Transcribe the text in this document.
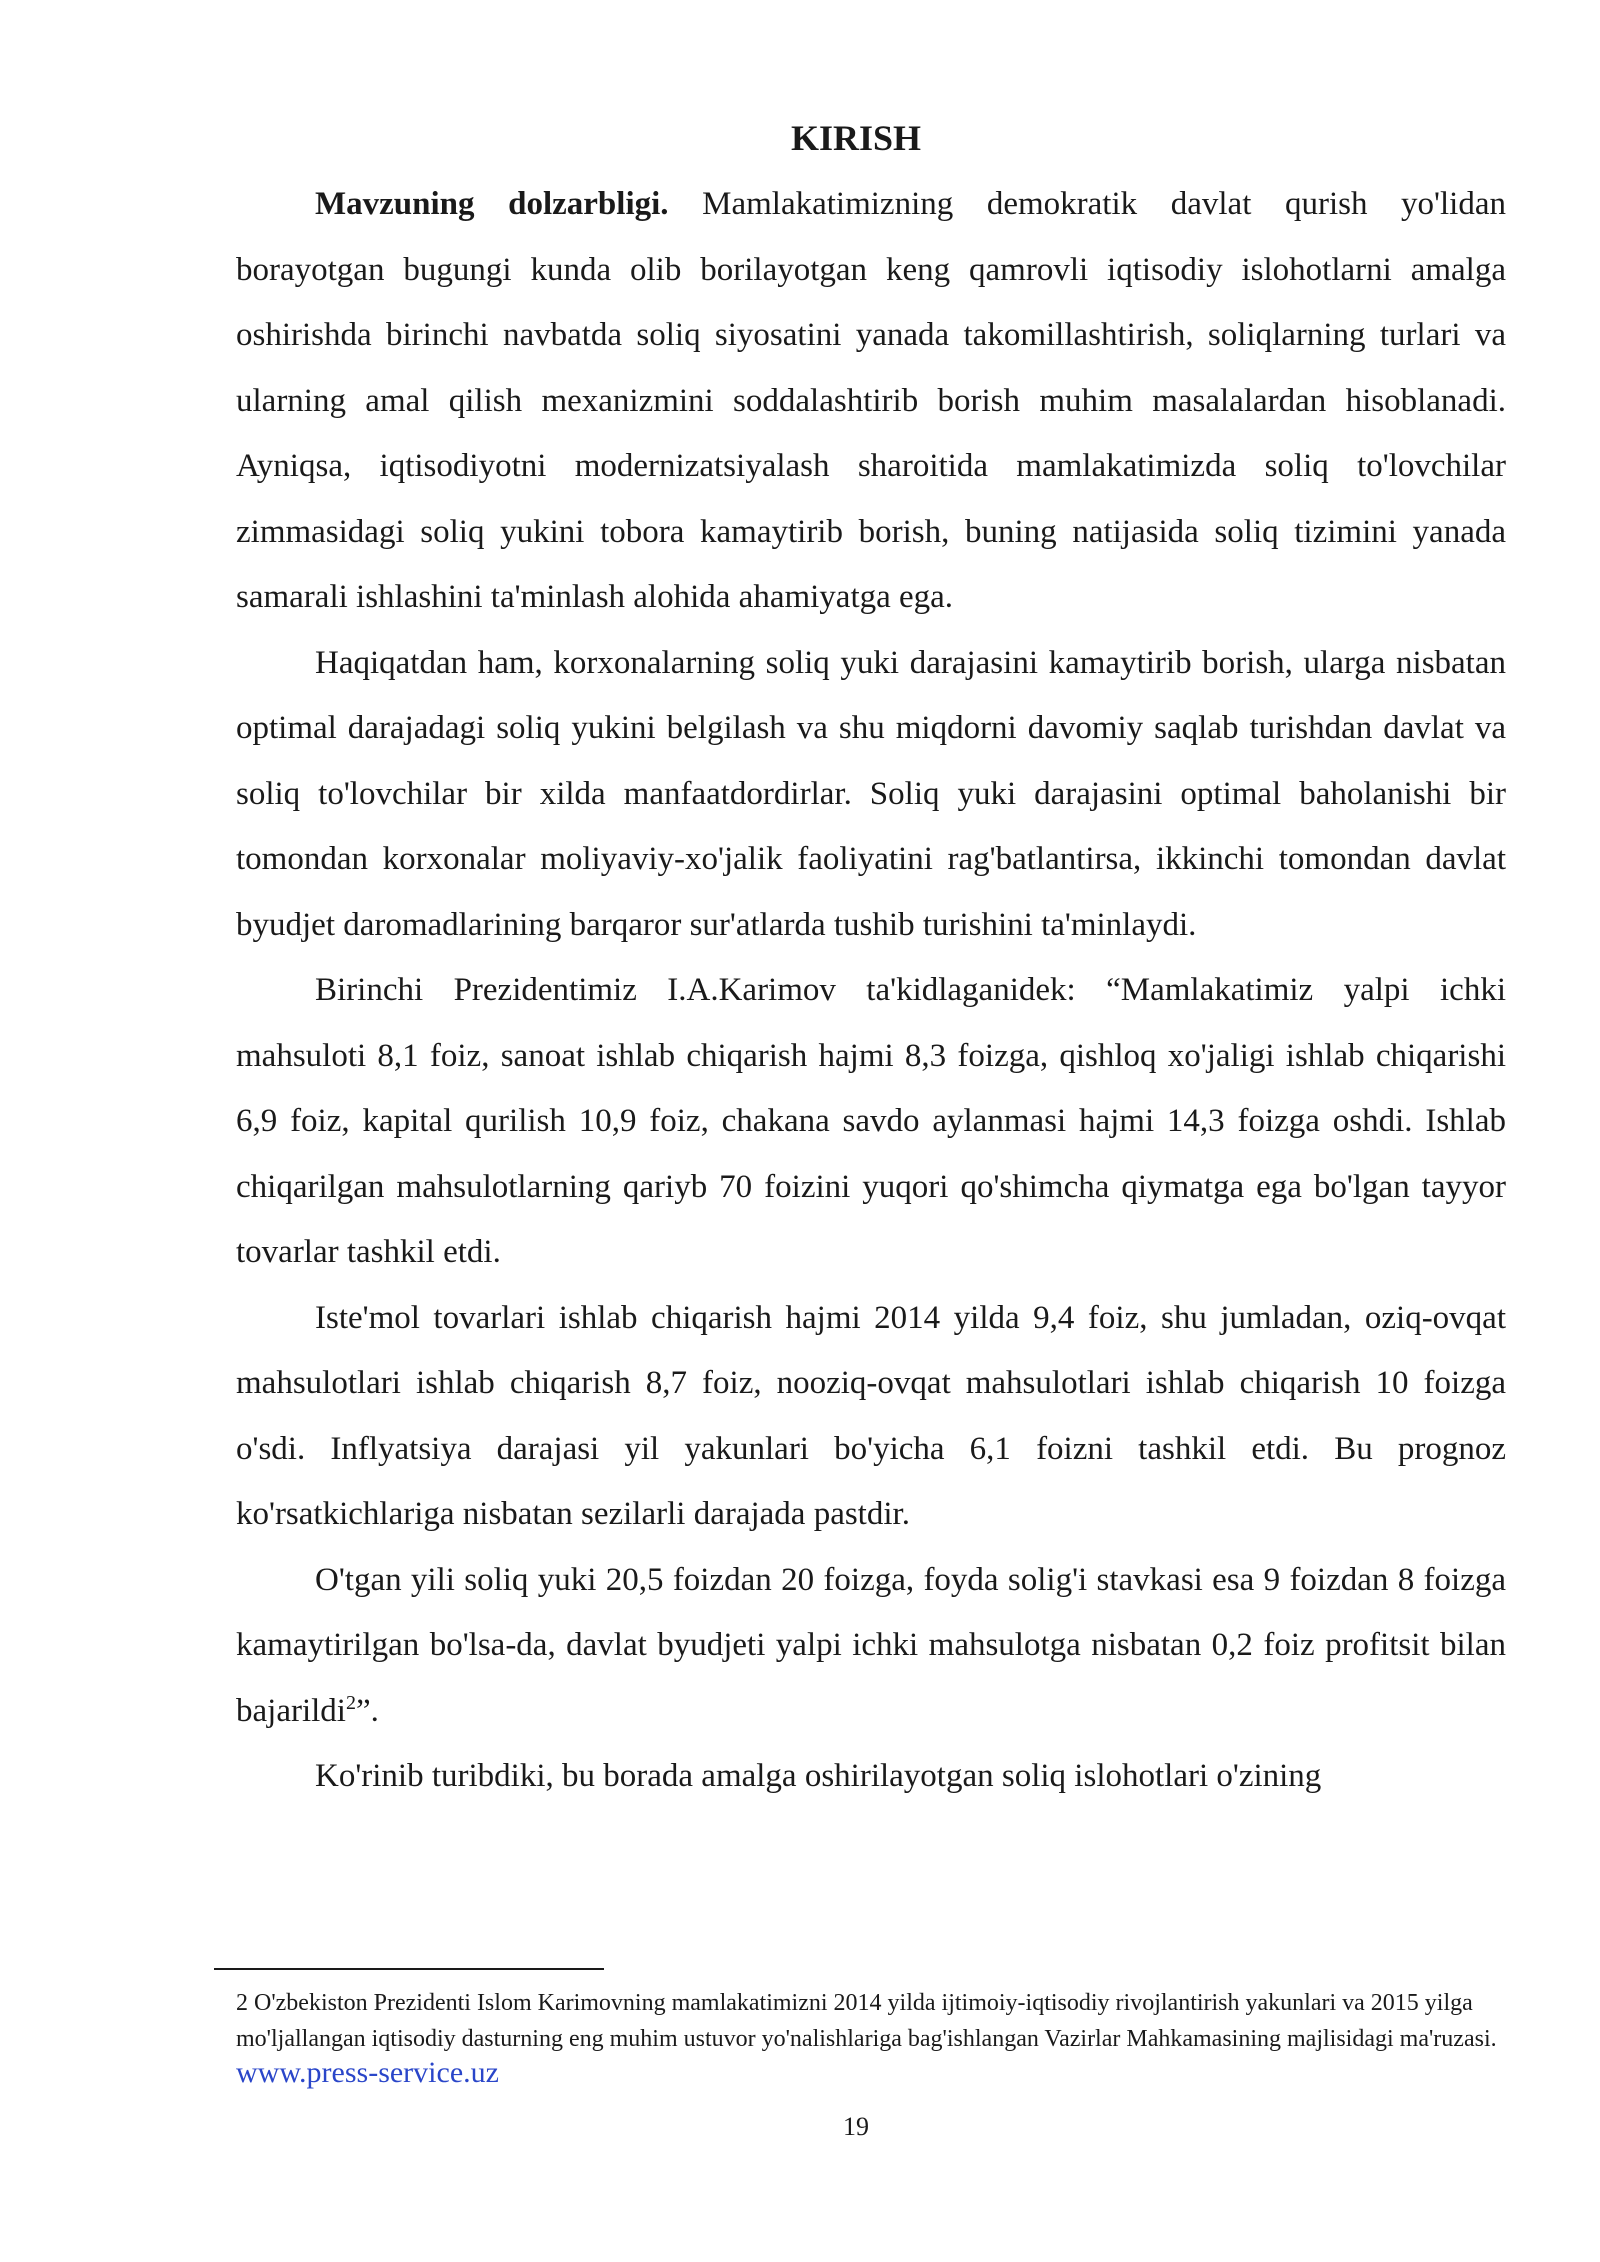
KIRISH

Mavzuning dolzarbligi. Mamlakatimizning demokratik davlat qurish yo'lidan borayotgan bugungi kunda olib borilayotgan keng qamrovli iqtisodiy islohotlarni amalga oshirishda birinchi navbatda soliq siyosatini yanada takomillashtirish, soliqlarning turlari va ularning amal qilish mexanizmini soddalashtirib borish muhim masalalardan hisoblanadi. Ayniqsa, iqtisodiyotni modernizatsiyalash sharoitida mamlakatimizda soliq to'lovchilar zimmasidagi soliq yukini tobora kamaytirib borish, buning natijasida soliq tizimini yanada samarali ishlashini ta'minlash alohida ahamiyatga ega.

Haqiqatdan ham, korxonalarning soliq yuki darajasini kamaytirib borish, ularga nisbatan optimal darajadagi soliq yukini belgilash va shu miqdorni davomiy saqlab turishdan davlat va soliq to'lovchilar bir xilda manfaatdordirlar. Soliq yuki darajasini optimal baholanishi bir tomondan korxonalar moliyaviy-xo'jalik faoliyatini rag'batlantirsa, ikkinchi tomondan davlat byudjet daromadlarining barqaror sur'atlarda tushib turishini ta'minlaydi.

Birinchi Prezidentimiz I.A.Karimov ta'kidlaganidek: “Mamlakatimiz yalpi ichki mahsuloti 8,1 foiz, sanoat ishlab chiqarish hajmi 8,3 foizga, qishloq xo'jaligi ishlab chiqarishi 6,9 foiz, kapital qurilish 10,9 foiz, chakana savdo aylanmasi hajmi 14,3 foizga oshdi. Ishlab chiqarilgan mahsulotlarning qariyb 70 foizini yuqori qo'shimcha qiymatga ega bo'lgan tayyor tovarlar tashkil etdi.

Iste'mol tovarlari ishlab chiqarish hajmi 2014 yilda 9,4 foiz, shu jumladan, oziq-ovqat mahsulotlari ishlab chiqarish 8,7 foiz, nooziq-ovqat mahsulotlari ishlab chiqarish 10 foizga o'sdi. Inflyatsiya darajasi yil yakunlari bo'yicha 6,1 foizni tashkil etdi. Bu prognoz ko'rsatkichlariga nisbatan sezilarli darajada pastdir.

O'tgan yili soliq yuki 20,5 foizdan 20 foizga, foyda solig'i stavkasi esa 9 foizdan 8 foizga kamaytirilgan bo'lsa-da, davlat byudjeti yalpi ichki mahsulotga nisbatan 0,2 foiz profitsit bilan bajarildi$^2$”.

Ko'rinib turibdiki, bu borada amalga oshirilayotgan soliq islohotlari o'zining

2 O'zbekiston Prezidenti Islom Karimovning mamlakatimizni 2014 yilda ijtimoiy-iqtisodiy rivojlantirish yakunlari va 2015 yilga mo'ljallangan iqtisodiy dasturning eng muhim ustuvor yo'nalishlariga bag'ishlangan Vazirlar Mahkamasining majlisidagi ma'ruzasi. www.press-service.uz
19
